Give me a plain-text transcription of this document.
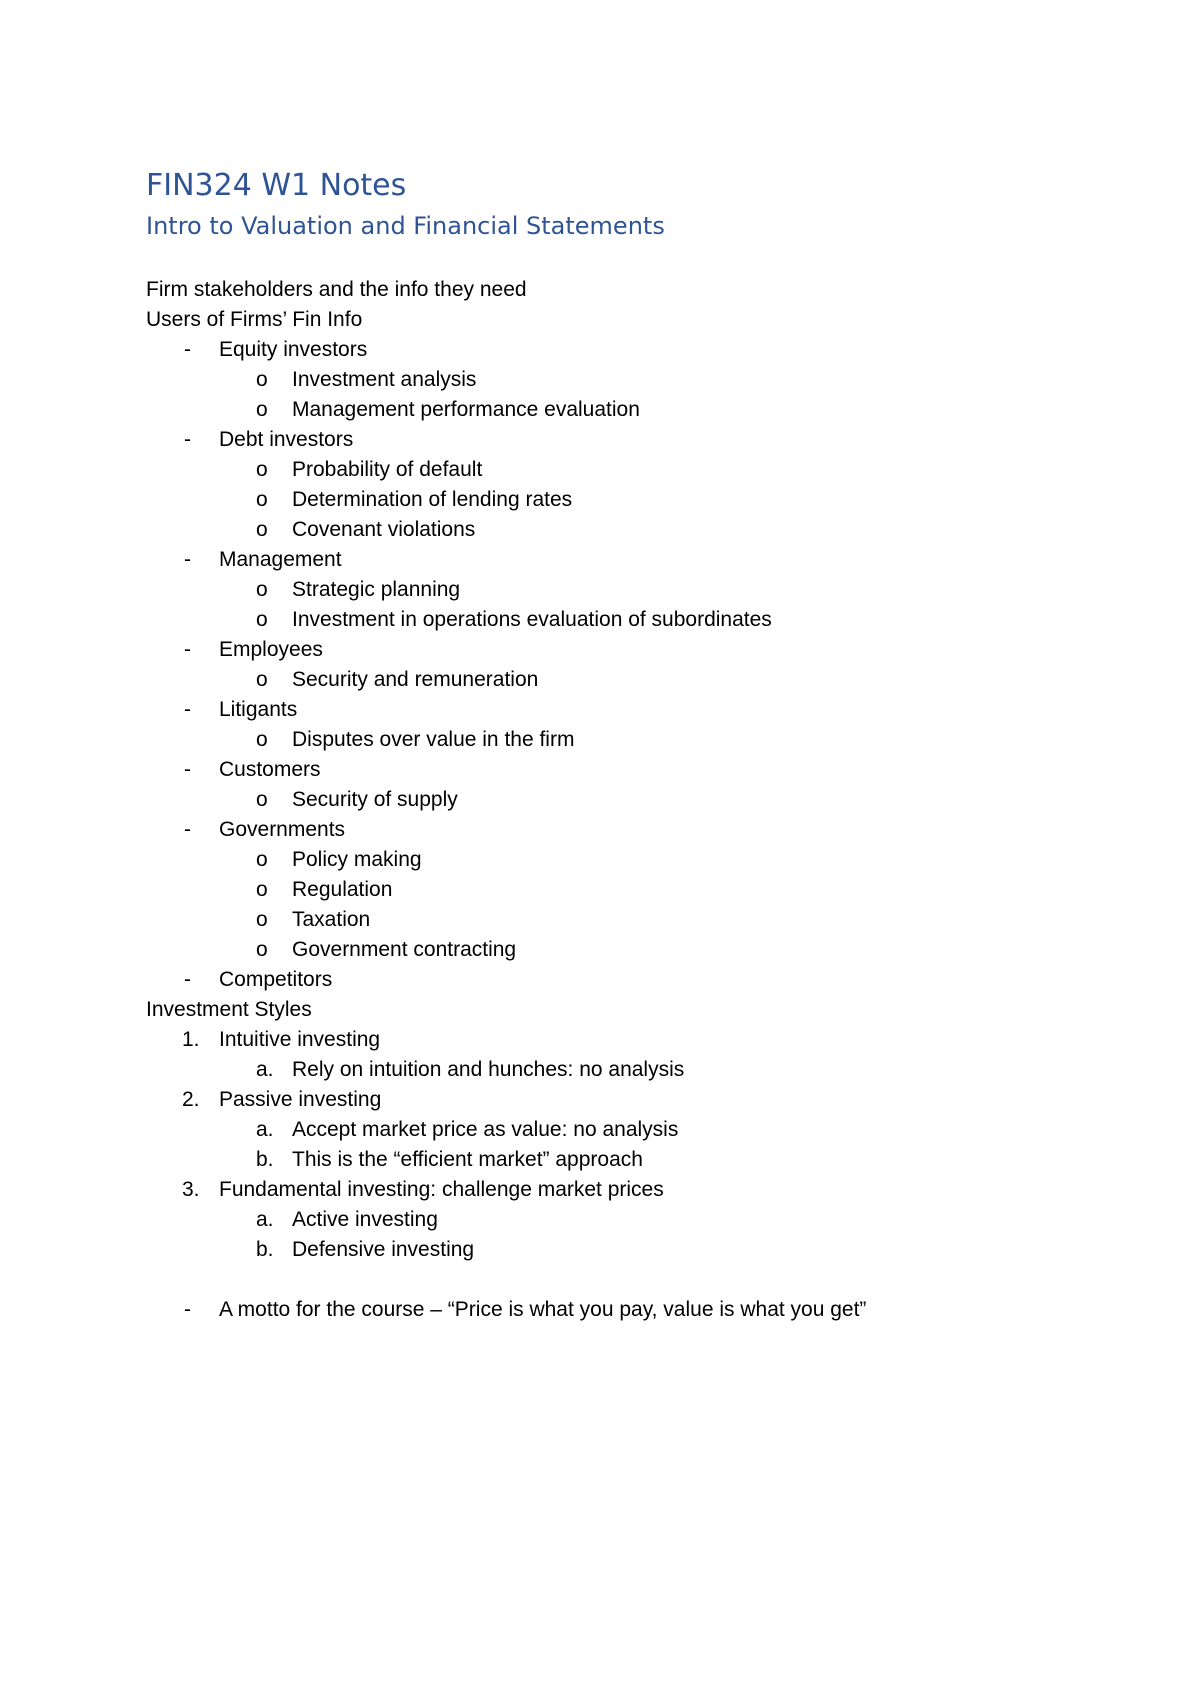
FIN324 W1 Notes
Intro to Valuation and Financial Statements
Firm stakeholders and the info they need
Users of Firms’ Fin Info
- Equity investors
o Investment analysis
o Management performance evaluation
- Debt investors
o Probability of default
o Determination of lending rates
o Covenant violations
- Management
o Strategic planning
o Investment in operations evaluation of subordinates
- Employees
o Security and remuneration
- Litigants
o Disputes over value in the firm
- Customers
o Security of supply
- Governments
o Policy making
o Regulation
o Taxation
o Government contracting
- Competitors
Investment Styles
1. Intuitive investing
a. Rely on intuition and hunches: no analysis
2. Passive investing
a. Accept market price as value: no analysis
b. This is the “efficient market” approach
3. Fundamental investing: challenge market prices
a. Active investing
b. Defensive investing
- A motto for the course – “Price is what you pay, value is what you get”
